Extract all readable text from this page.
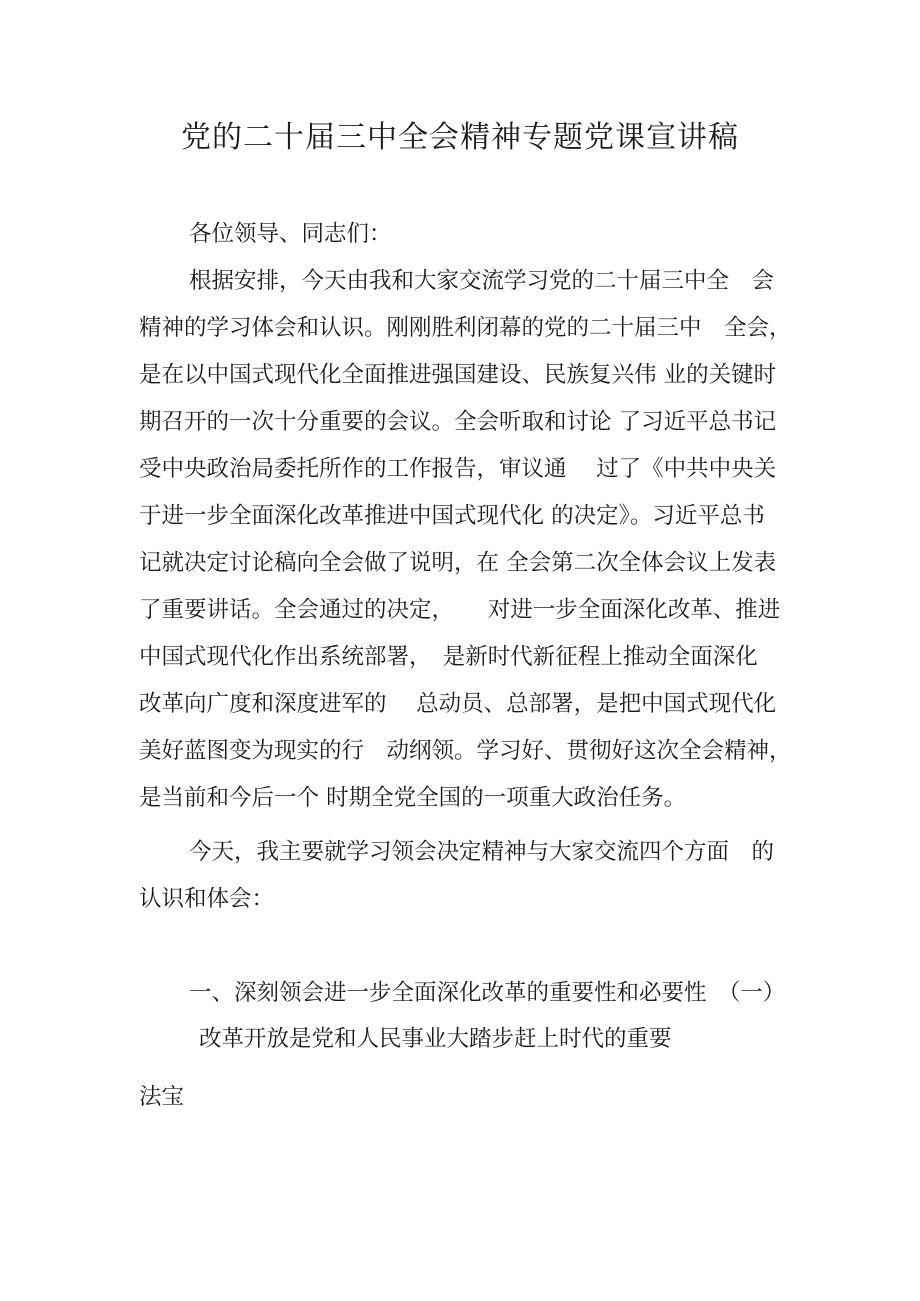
党的二十届三中全会精神专题党课宣讲稿
各位领导、同志们：
根据安排，今天由我和大家交流学习党的二十届三中全　会
精神的学习体会和认识。刚刚胜利闭幕的党的二十届三中　全会，
是在以中国式现代化全面推进强国建设、民族复兴伟 业的关键时
期召开的一次十分重要的会议。全会听取和讨论 了习近平总书记
受中央政治局委托所作的工作报告，审议通　 过了《中共中央关
于进一步全面深化改革推进中国式现代化 的决定》。习近平总书
记就决定讨论稿向全会做了说明，在 全会第二次全体会议上发表
了重要讲话。全会通过的决定，　　对进一步全面深化改革、推进
中国式现代化作出系统部署，　是新时代新征程上推动全面深化
改革向广度和深度进军的　 总动员、总部署，是把中国式现代化
美好蓝图变为现实的行　动纲领。学习好、贯彻好这次全会精神，
是当前和今后一个 时期全党全国的一项重大政治任务。
今天，我主要就学习领会决定精神与大家交流四个方面　的
认识和体会：
一、深刻领会进一步全面深化改革的重要性和必要性　（一）
改革开放是党和人民事业大踏步赶上时代的重要
法宝
